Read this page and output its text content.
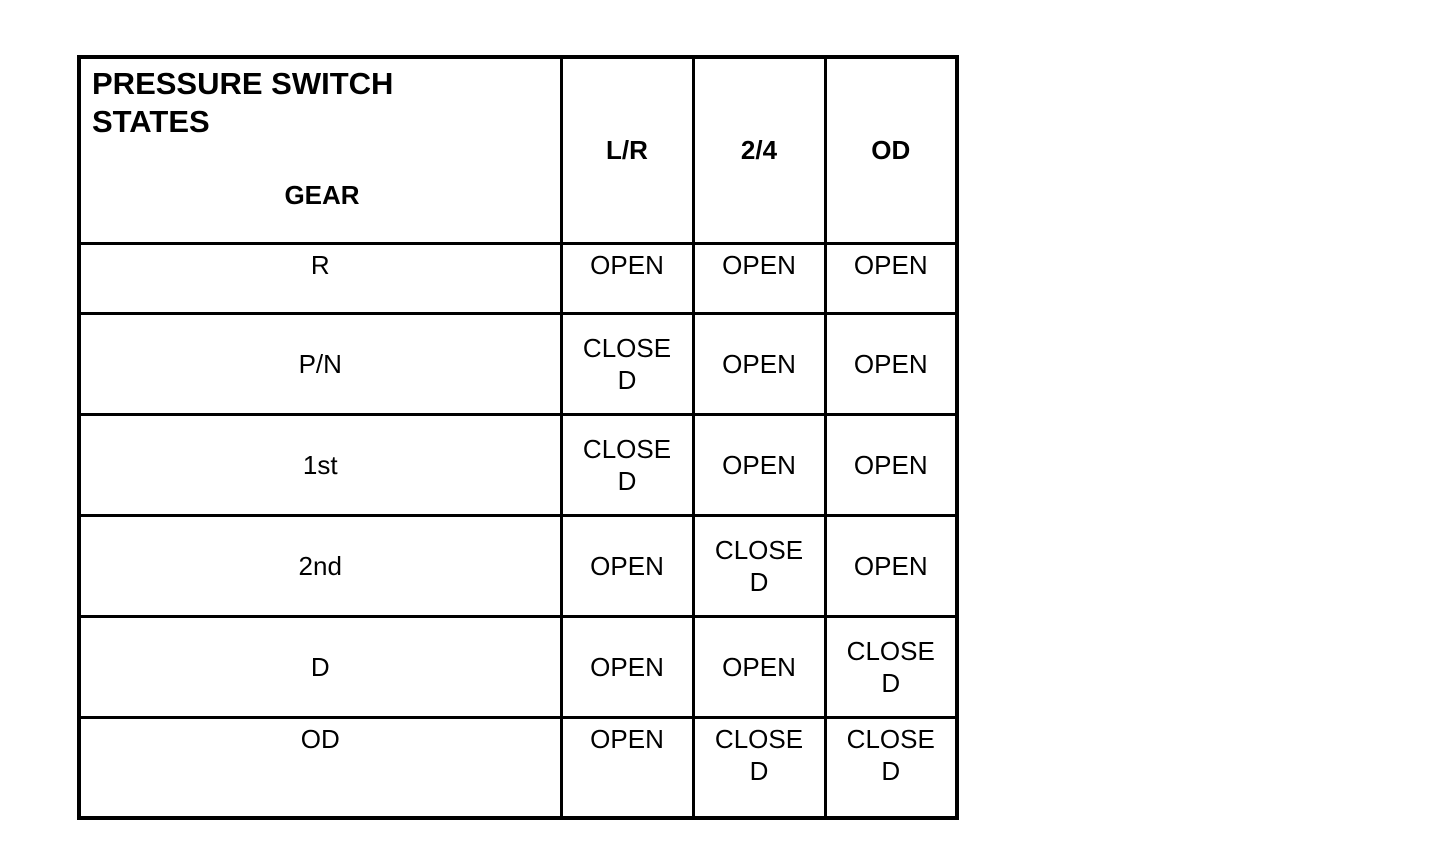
PRESSURE SWITCH STATES
GEAR	L/R	2/4	OD
R	OPEN	OPEN	OPEN
P/N	CLOSED	OPEN	OPEN
1st	CLOSED	OPEN	OPEN
2nd	OPEN	CLOSED	OPEN
D	OPEN	OPEN	CLOSED
OD	OPEN	CLOSED	CLOSED
